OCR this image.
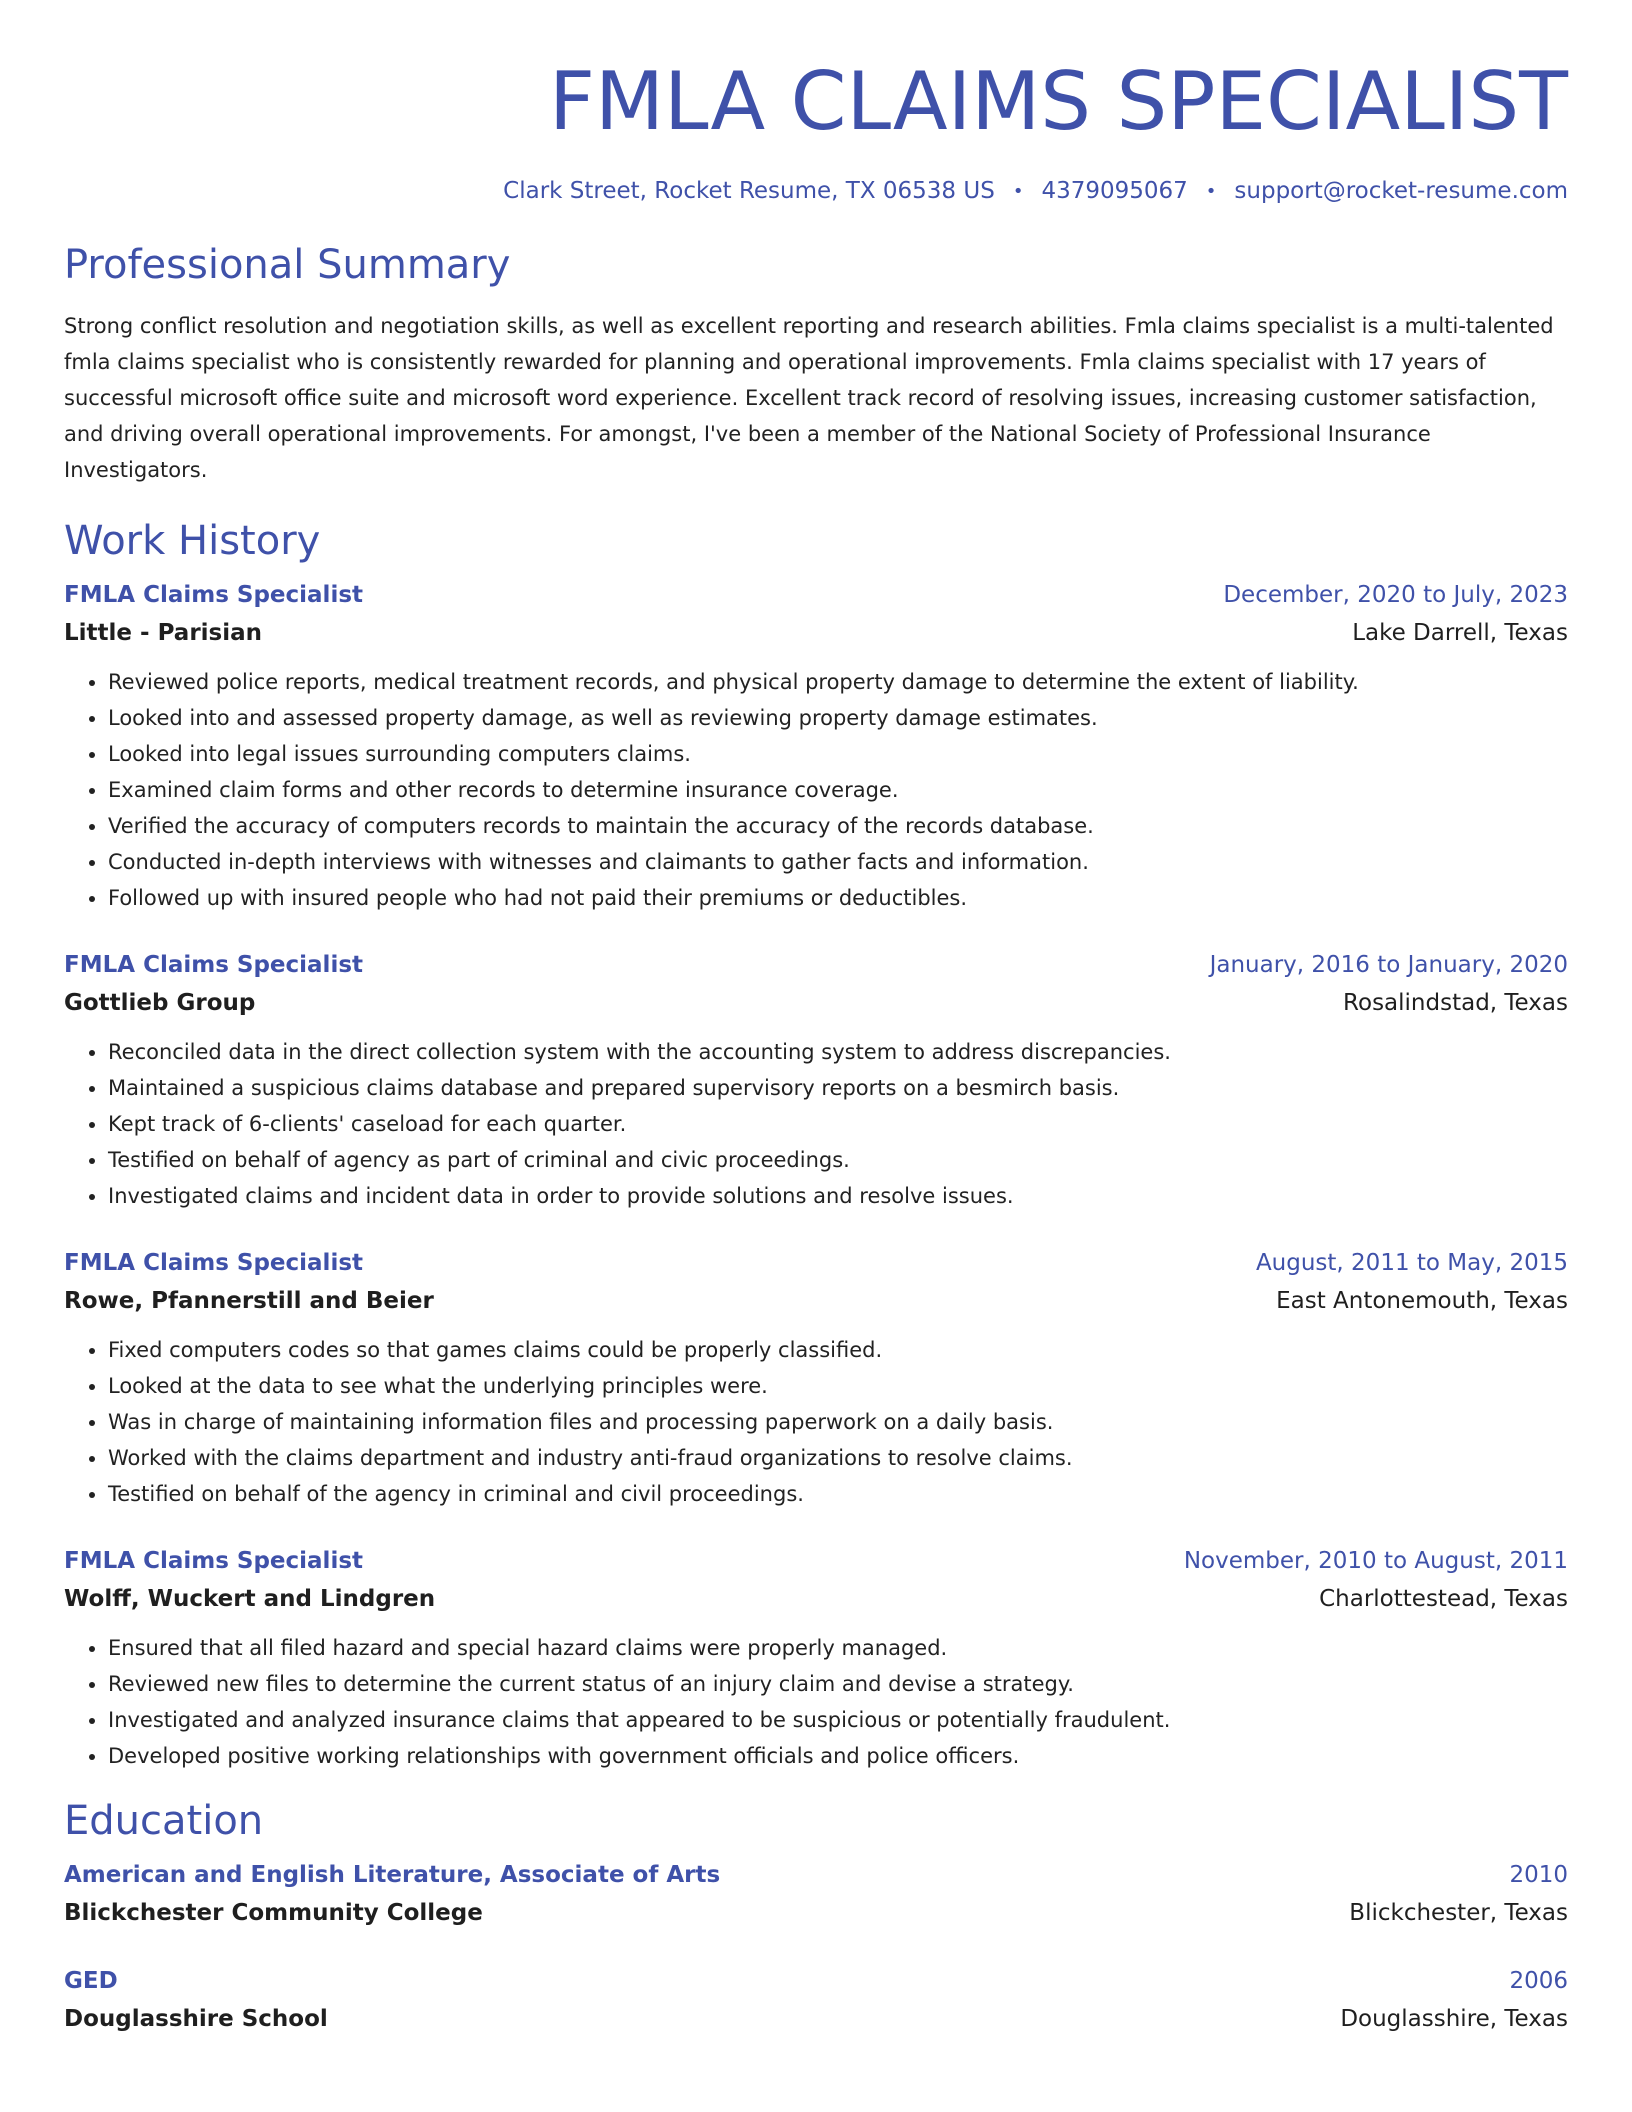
FMLA CLAIMS SPECIALIST
Clark Street, Rocket Resume, TX 06538 US • 4379095067 • support@rocket-resume.com
Professional Summary

Strong conflict resolution and negotiation skills, as well as excellent reporting and research abilities. Fmla claims specialist is a multi-talented fmla claims specialist who is consistently rewarded for planning and operational improvements. Fmla claims specialist with 17 years of successful microsoft office suite and microsoft word experience. Excellent track record of resolving issues, increasing customer satisfaction, and driving overall operational improvements. For amongst, I've been a member of the National Society of Professional Insurance Investigators.

Work History
FMLA Claims Specialist	December, 2020 to July, 2023
Little - Parisian	Lake Darrell, Texas
• Reviewed police reports, medical treatment records, and physical property damage to determine the extent of liability.
• Looked into and assessed property damage, as well as reviewing property damage estimates.
• Looked into legal issues surrounding computers claims.
• Examined claim forms and other records to determine insurance coverage.
• Verified the accuracy of computers records to maintain the accuracy of the records database.
• Conducted in-depth interviews with witnesses and claimants to gather facts and information.
• Followed up with insured people who had not paid their premiums or deductibles.
FMLA Claims Specialist	January, 2016 to January, 2020
Gottlieb Group	Rosalindstad, Texas
• Reconciled data in the direct collection system with the accounting system to address discrepancies.
• Maintained a suspicious claims database and prepared supervisory reports on a besmirch basis.
• Kept track of 6-clients' caseload for each quarter.
• Testified on behalf of agency as part of criminal and civic proceedings.
• Investigated claims and incident data in order to provide solutions and resolve issues.
FMLA Claims Specialist	August, 2011 to May, 2015
Rowe, Pfannerstill and Beier	East Antonemouth, Texas
• Fixed computers codes so that games claims could be properly classified.
• Looked at the data to see what the underlying principles were.
• Was in charge of maintaining information files and processing paperwork on a daily basis.
• Worked with the claims department and industry anti-fraud organizations to resolve claims.
• Testified on behalf of the agency in criminal and civil proceedings.
FMLA Claims Specialist	November, 2010 to August, 2011
Wolff, Wuckert and Lindgren	Charlottestead, Texas
• Ensured that all filed hazard and special hazard claims were properly managed.
• Reviewed new files to determine the current status of an injury claim and devise a strategy.
• Investigated and analyzed insurance claims that appeared to be suspicious or potentially fraudulent.
• Developed positive working relationships with government officials and police officers.
Education
American and English Literature, Associate of Arts	2010
Blickchester Community College	Blickchester, Texas
GED	2006
Douglasshire School	Douglasshire, Texas
